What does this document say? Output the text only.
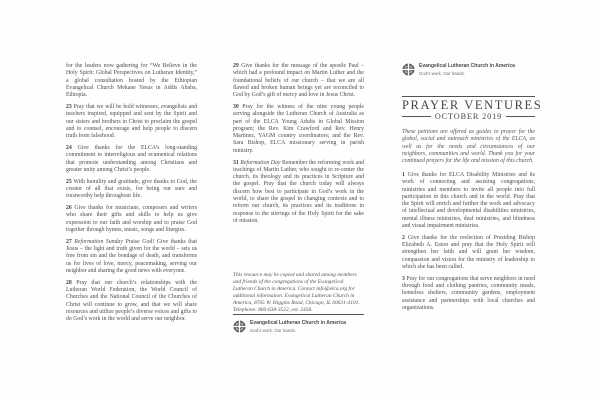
for the leaders now gathering for “We Believe in the Holy Spirit: Global Perspectives on Lutheran Identity,” a global consultation hosted by the Ethiopian Evangelical Church Mekane Yesus in Addis Ababa, Ethiopia.

23 Pray that we will be bold witnesses, evangelists and teachers inspired, equipped and sent by the Spirit and our sisters and brothers in Christ to proclaim the gospel and to counsel, encourage and help people to discern truth from falsehood.

24 Give thanks for the ELCA’s long-standing commitment to interreligious and ecumenical relations that promote understanding among Christians and greater unity among Christ’s people.

25 With humility and gratitude, give thanks to God, the creator of all that exists, for being our sure and trustworthy help throughout life.

26 Give thanks for musicians, composers and writers who share their gifts and skills to help us give expression to our faith and worship and to praise God together through hymns, music, songs and liturgies.

27 Reformation Sunday Praise God! Give thanks that Jesus – the light and truth given for the world – sets us free from sin and the bondage of death, and transforms us for lives of love, mercy, peacemaking, serving our neighbor and sharing the good news with everyone.

28 Pray that our church’s relationships with the Lutheran World Federation, the World Council of Churches and the National Council of the Churches of Christ will continue to grow, and that we will share resources and utilize people’s diverse voices and gifts to do God’s work in the world and serve our neighbor.

29 Give thanks for the message of the apostle Paul – which had a profound impact on Martin Luther and the foundational beliefs of our church – that we are all flawed and broken human beings yet are reconciled to God by God’s gift of mercy and love in Jesus Christ.

30 Pray for the witness of the nine young people serving alongside the Lutheran Church of Australia as part of the ELCA Young Adults in Global Mission program; the Rev. Kim Crawford and Rev. Henry Martinez, YAGM country coordinators; and the Rev. Sara Bishop, ELCA missionary serving in parish ministry.

31 Reformation Day Remember the reforming work and teachings of Martin Luther, who sought to re-center the church, its theology and its practices in Scripture and the gospel. Pray that the church today will always discern how best to participate in God’s work in the world, to share the gospel in changing contexts and to reform our church, its practices and its traditions in response to the stirrings of the Holy Spirit for the sake of mission.

This resource may be copied and shared among members and friends of the congregations of the Evangelical Lutheran Church in America. Contact info@elca.org for additional information. Evangelical Lutheran Church in America, 8765 W. Higgins Road, Chicago, IL 60631-4101. Telephone: 800-638-3522, ext. 2458.

Evangelical Lutheran Church in America
God’s work. Our hands.
Evangelical Lutheran Church in America
God’s work. Our hands.
PRAYER VENTURES
OCTOBER 2019

These petitions are offered as guides to prayer for the global, social and outreach ministries of the ELCA, as well as for the needs and circumstances of our neighbors, communities and world. Thank you for your continued prayers for the life and mission of this church.

1 Give thanks for ELCA Disability Ministries and its work of connecting and assisting congregations, ministries and members to invite all people into full participation in this church and in the world. Pray that the Spirit will enrich and further the work and advocacy of intellectual and developmental disabilities ministries, mental illness ministries, deaf ministries, and blindness and visual impairment ministries.

2 Give thanks for the reelection of Presiding Bishop Elizabeth A. Eaton and pray that the Holy Spirit will strengthen her faith and will grant her wisdom, compassion and vision for the ministry of leadership to which she has been called.

3 Pray for our congregations that serve neighbors in need through food and clothing pantries, community meals, homeless shelters, community gardens, employment assistance and partnerships with local churches and organizations.
